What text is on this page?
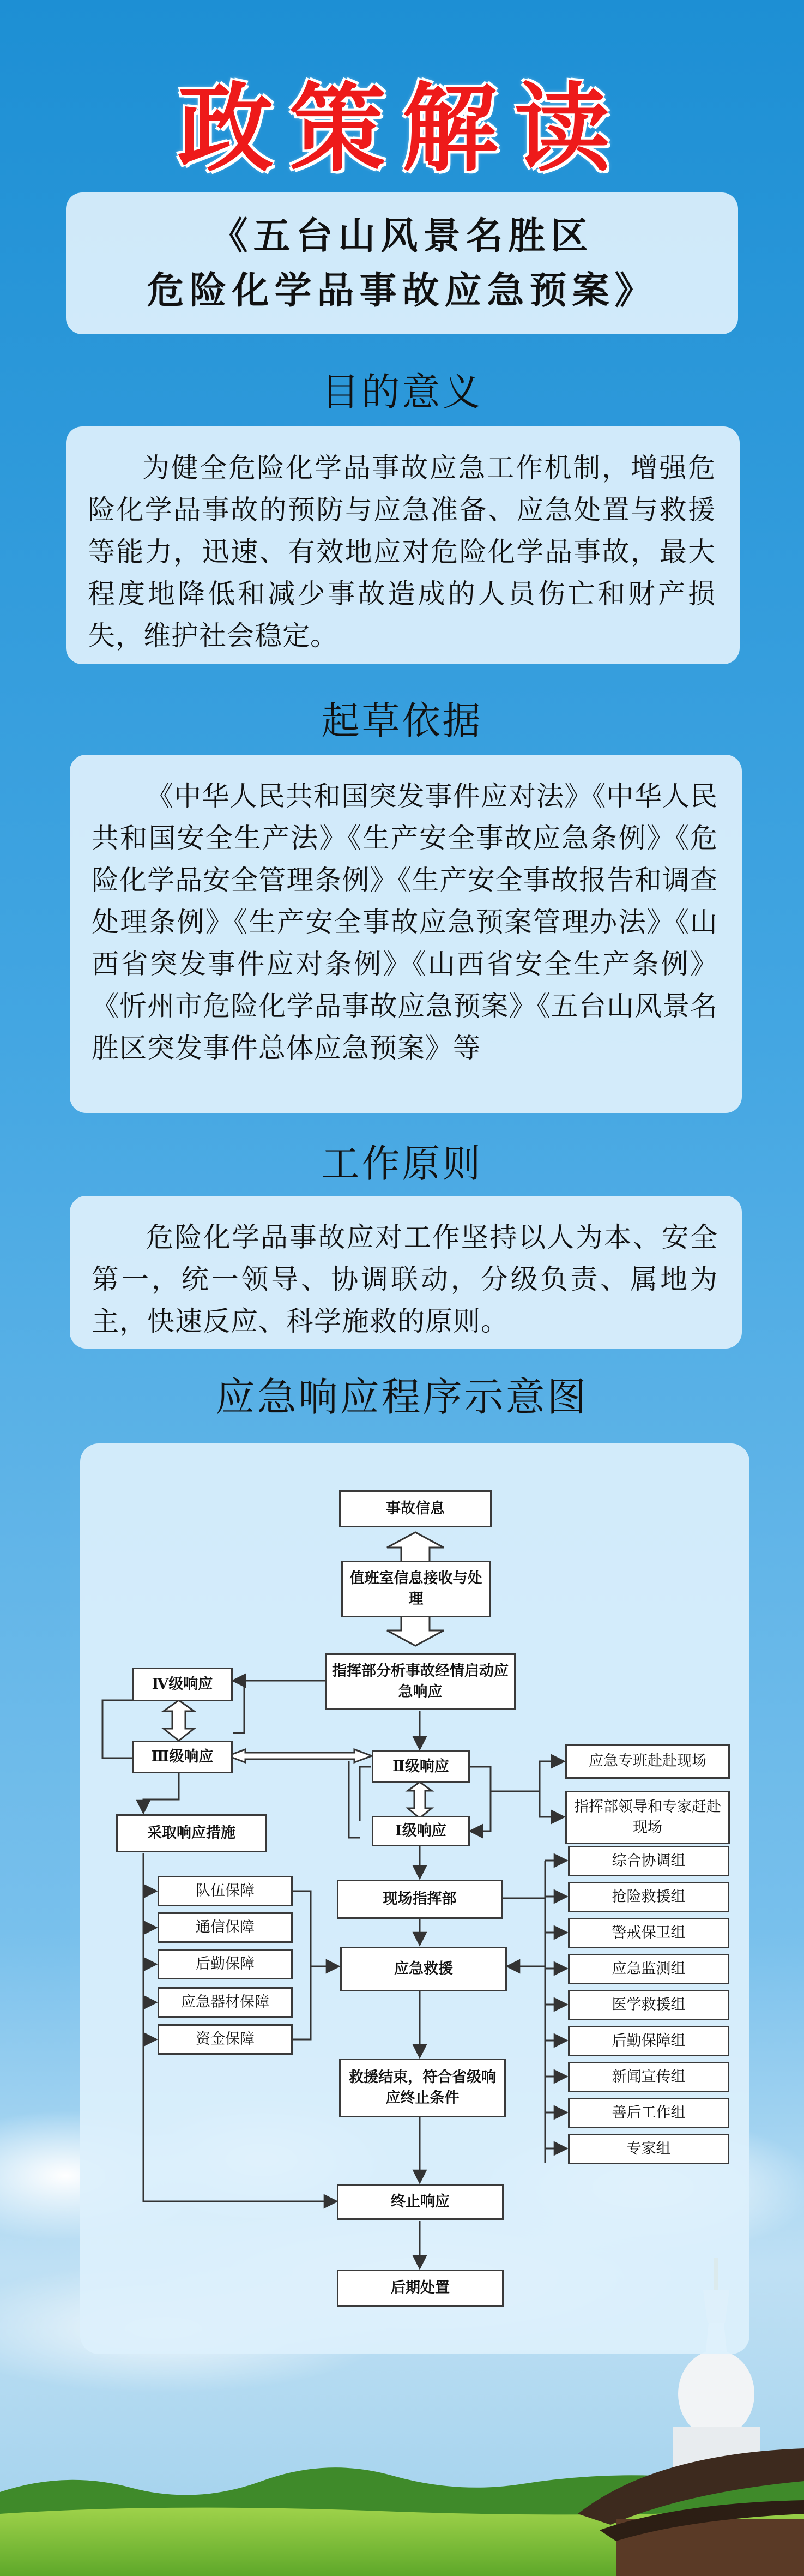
政策解读
《五台山风景名胜区
危险化学品事故应急预案》
目的意义
为健全危险化学品事故应急工作机制，增强危险化学品事故的预防与应急准备、应急处置与救援等能力，迅速、有效地应对危险化学品事故，最大程度地降低和减少事故造成的人员伤亡和财产损失，维护社会稳定。
起草依据
《中华人民共和国突发事件应对法》《中华人民共和国安全生产法》《生产安全事故应急条例》《危险化学品安全管理条例》《生产安全事故报告和调查处理条例》《生产安全事故应急预案管理办法》《山西省突发事件应对条例》《山西省安全生产条例》《忻州市危险化学品事故应急预案》《五台山风景名胜区突发事件总体应急预案》等
工作原则
危险化学品事故应对工作坚持以人为本、安全第一，统一领导、协调联动，分级负责、属地为主，快速反应、科学施救的原则。
应急响应程序示意图
事故信息
值班室信息接收与处理
指挥部分析事故经情启动应急响应
Ⅳ级响应
Ⅲ级响应
Ⅱ级响应
Ⅰ级响应
采取响应措施
现场指挥部
应急救援
救援结束，符合省级响应终止条件
终止响应
后期处置
应急专班赴赴现场
指挥部领导和专家赶赴现场
队伍保障
通信保障
后勤保障
应急器材保障
资金保障
综合协调组
抢险救援组
警戒保卫组
应急监测组
医学救援组
后勤保障组
新闻宣传组
善后工作组
专家组
